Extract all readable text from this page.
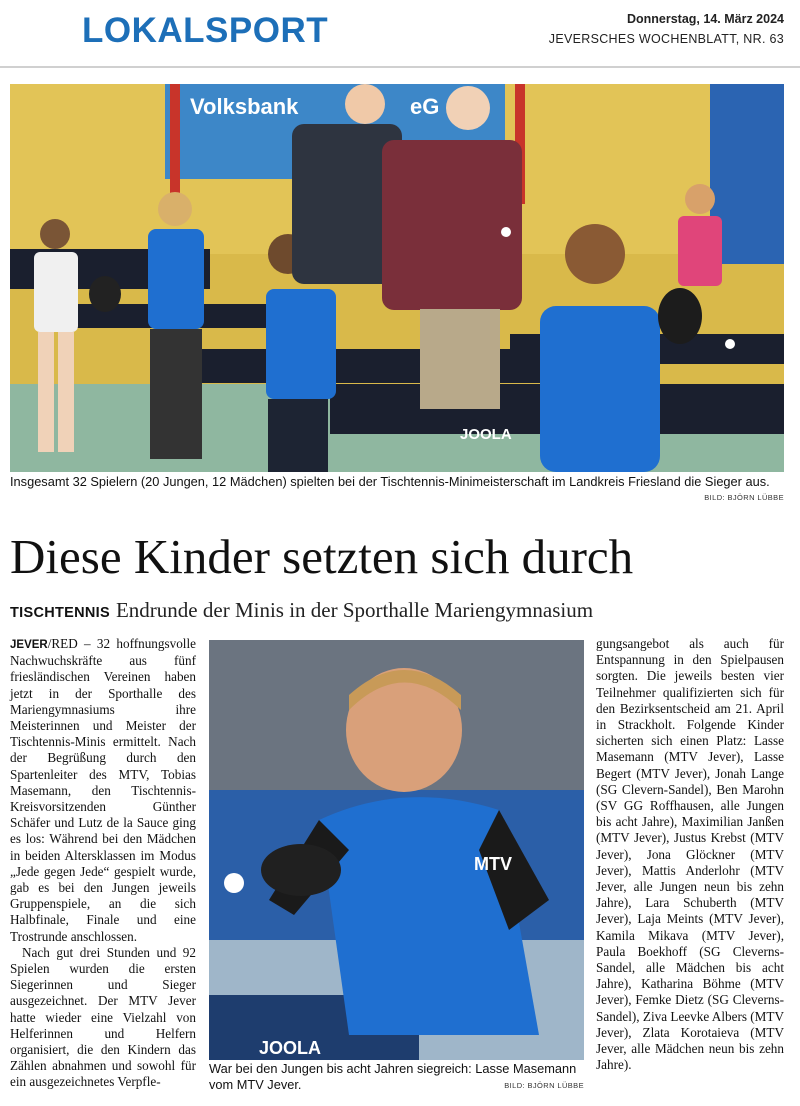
LOKALSPORT	Donnerstag, 14. März 2024
JEVERSCHES WOCHENBLATT, NR. 63
Volksbank	eG
JOOLA
Insgesamt 32 Spielern (20 Jungen, 12 Mädchen) spielten bei der Tischtennis-Minimeisterschaft im Landkreis Friesland die Sieger aus.
BILD: BJÖRN LÜBBE
Diese Kinder setzten sich durch
TISCHTENNIS Endrunde der Minis in der Sporthalle Mariengymnasium

JEVER/RED – 32 hoffnungsvolle Nachwuchskräfte aus fünf friesländischen Vereinen haben jetzt in der Sporthalle des Mariengymnasiums ihre Meisterinnen und Meister der Tischtennis-Minis ermittelt. Nach der Begrüßung durch den Spartenleiter des MTV, Tobias Masemann, den Tischtennis-Kreisvorsitzenden Günther Schäfer und Lutz de la Sauce ging es los: Während bei den Mädchen in beiden Altersklassen im Modus „Jede gegen Jede“ gespielt wurde, gab es bei den Jungen jeweils Gruppenspiele, an die sich Halbfinale, Finale und eine Trostrunde anschlossen.

Nach gut drei Stunden und 92 Spielen wurden die ersten Siegerinnen und Sieger ausgezeichnet. Der MTV Jever hatte wieder eine Vielzahl von Helferinnen und Helfern organisiert, die den Kindern das Zählen abnahmen und sowohl für ein ausgezeichnetes Verpfle-

JOOLA
MTV
War bei den Jungen bis acht Jahren siegreich: Lasse Masemann vom MTV Jever.	BILD: BJÖRN LÜBBE

gungsangebot als auch für Entspannung in den Spielpausen sorgten. Die jeweils besten vier Teilnehmer qualifizierten sich für den Bezirksentscheid am 21. April in Strackholt. Folgende Kinder sicherten sich einen Platz: Lasse Masemann (MTV Jever), Lasse Begert (MTV Jever), Jonah Lange (SG Clevern-Sandel), Ben Marohn (SV GG Roffhausen, alle Jungen bis acht Jahre), Maximilian Janßen (MTV Jever), Justus Krebst (MTV Jever), Jona Glöckner (MTV Jever), Mattis Anderlohr (MTV Jever, alle Jungen neun bis zehn Jahre), Lara Schuberth (MTV Jever), Laja Meints (MTV Jever), Kamila Mikava (MTV Jever), Paula Boekhoff (SG Cleverns-Sandel, alle Mädchen bis acht Jahre), Katharina Böhme (MTV Jever), Femke Dietz (SG Cleverns-Sandel), Ziva Leevke Albers (MTV Jever), Zlata Korotaieva (MTV Jever, alle Mädchen neun bis zehn Jahre).
